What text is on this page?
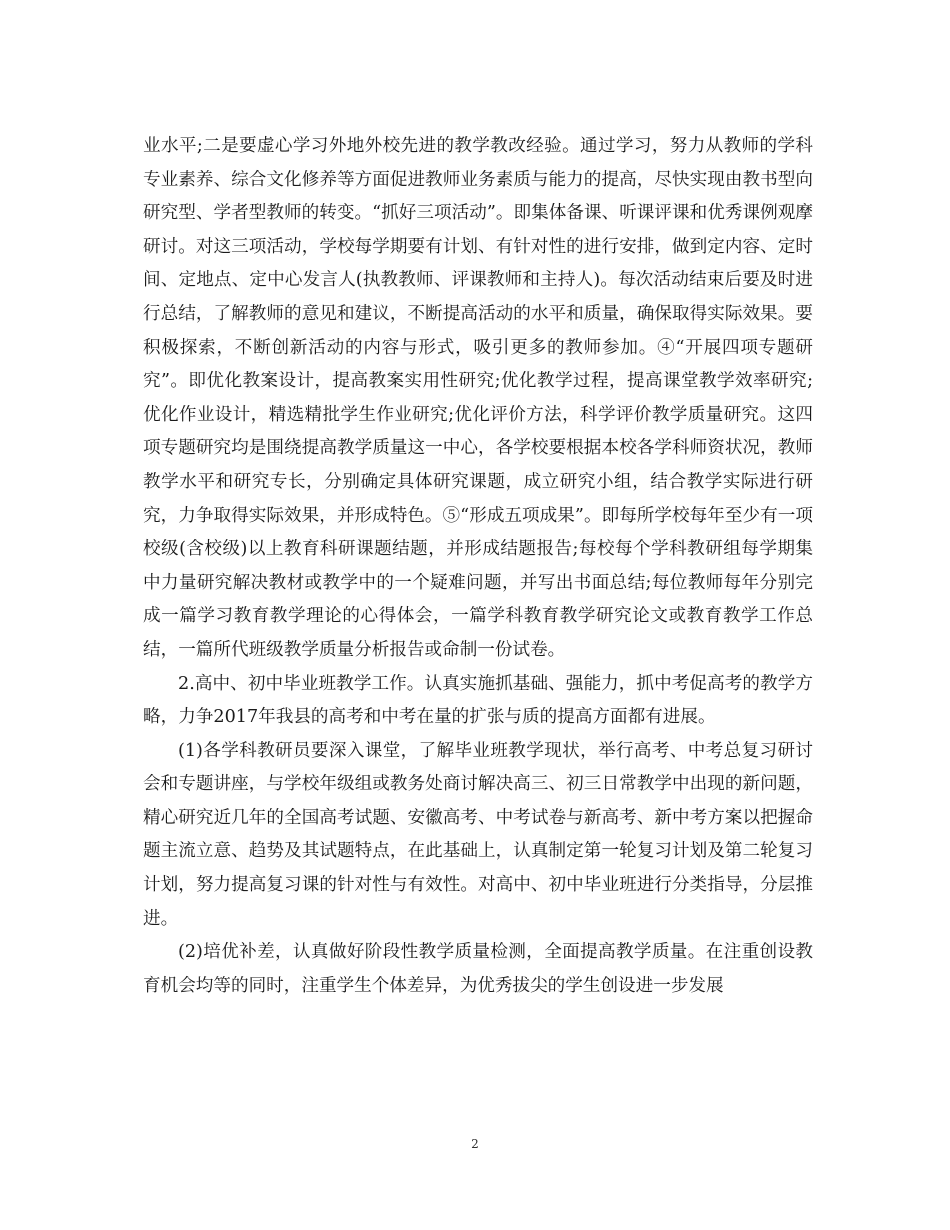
业水平;二是要虚心学习外地外校先进的教学教改经验。通过学习，努力从教师的学科专业素养、综合文化修养等方面促进教师业务素质与能力的提高，尽快实现由教书型向研究型、学者型教师的转变。“抓好三项活动”。即集体备课、听课评课和优秀课例观摩研讨。对这三项活动，学校每学期要有计划、有针对性的进行安排，做到定内容、定时间、定地点、定中心发言人(执教教师、评课教师和主持人)。每次活动结束后要及时进行总结，了解教师的意见和建议，不断提高活动的水平和质量，确保取得实际效果。要积极探索，不断创新活动的内容与形式，吸引更多的教师参加。④“开展四项专题研究”。即优化教案设计，提高教案实用性研究;优化教学过程，提高课堂教学效率研究;优化作业设计，精选精批学生作业研究;优化评价方法，科学评价教学质量研究。这四项专题研究均是围绕提高教学质量这一中心，各学校要根据本校各学科师资状况，教师教学水平和研究专长，分别确定具体研究课题，成立研究小组，结合教学实际进行研究，力争取得实际效果，并形成特色。⑤“形成五项成果”。即每所学校每年至少有一项校级(含校级)以上教育科研课题结题，并形成结题报告;每校每个学科教研组每学期集中力量研究解决教材或教学中的一个疑难问题，并写出书面总结;每位教师每年分别完成一篇学习教育教学理论的心得体会，一篇学科教育教学研究论文或教育教学工作总结，一篇所代班级教学质量分析报告或命制一份试卷。

2.高中、初中毕业班教学工作。认真实施抓基础、强能力，抓中考促高考的教学方略，力争2017年我县的高考和中考在量的扩张与质的提高方面都有进展。

(1)各学科教研员要深入课堂，了解毕业班教学现状，举行高考、中考总复习研讨会和专题讲座，与学校年级组或教务处商讨解决高三、初三日常教学中出现的新问题，精心研究近几年的全国高考试题、安徽高考、中考试卷与新高考、新中考方案以把握命题主流立意、趋势及其试题特点，在此基础上，认真制定第一轮复习计划及第二轮复习计划，努力提高复习课的针对性与有效性。对高中、初中毕业班进行分类指导，分层推进。

(2)培优补差，认真做好阶段性教学质量检测，全面提高教学质量。在注重创设教育机会均等的同时，注重学生个体差异，为优秀拔尖的学生创设进一步发展

2
